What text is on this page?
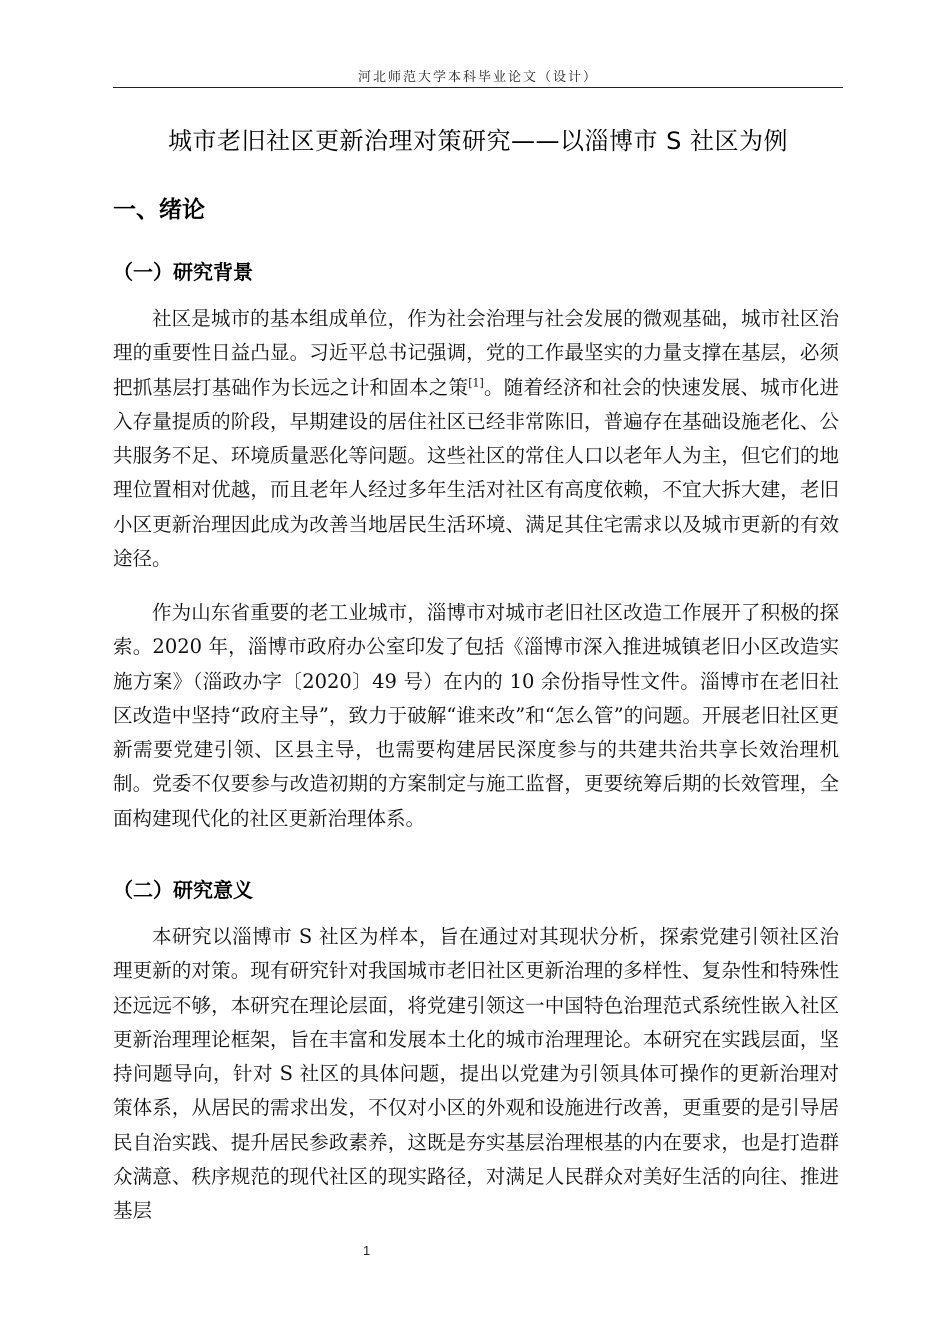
河北师范大学本科毕业论文（设计）
城市老旧社区更新治理对策研究——以淄博市 S 社区为例
一、绪论
（一）研究背景

社区是城市的基本组成单位，作为社会治理与社会发展的微观基础，城市社区治理的重要性日益凸显。习近平总书记强调，党的工作最坚实的力量支撑在基层，必须把抓基层打基础作为长远之计和固本之策[1]。随着经济和社会的快速发展、城市化进入存量提质的阶段，早期建设的居住社区已经非常陈旧，普遍存在基础设施老化、公共服务不足、环境质量恶化等问题。这些社区的常住人口以老年人为主，但它们的地理位置相对优越，而且老年人经过多年生活对社区有高度依赖，不宜大拆大建，老旧小区更新治理因此成为改善当地居民生活环境、满足其住宅需求以及城市更新的有效途径。

作为山东省重要的老工业城市，淄博市对城市老旧社区改造工作展开了积极的探索。2020 年，淄博市政府办公室印发了包括《淄博市深入推进城镇老旧小区改造实施方案》（淄政办字〔2020〕49 号）在内的 10 余份指导性文件。淄博市在老旧社区改造中坚持“政府主导”，致力于破解“谁来改”和“怎么管”的问题。开展老旧社区更新需要党建引领、区县主导，也需要构建居民深度参与的共建共治共享长效治理机制。党委不仅要参与改造初期的方案制定与施工监督，更要统筹后期的长效管理，全面构建现代化的社区更新治理体系。

（二）研究意义

本研究以淄博市 S 社区为样本，旨在通过对其现状分析，探索党建引领社区治理更新的对策。现有研究针对我国城市老旧社区更新治理的多样性、复杂性和特殊性还远远不够，本研究在理论层面，将党建引领这一中国特色治理范式系统性嵌入社区更新治理理论框架，旨在丰富和发展本土化的城市治理理论。本研究在实践层面，坚持问题导向，针对 S 社区的具体问题，提出以党建为引领具体可操作的更新治理对策体系，从居民的需求出发，不仅对小区的外观和设施进行改善，更重要的是引导居民自治实践、提升居民参政素养，这既是夯实基层治理根基的内在要求，也是打造群众满意、秩序规范的现代社区的现实路径，对满足人民群众对美好生活的向往、推进基层

1
